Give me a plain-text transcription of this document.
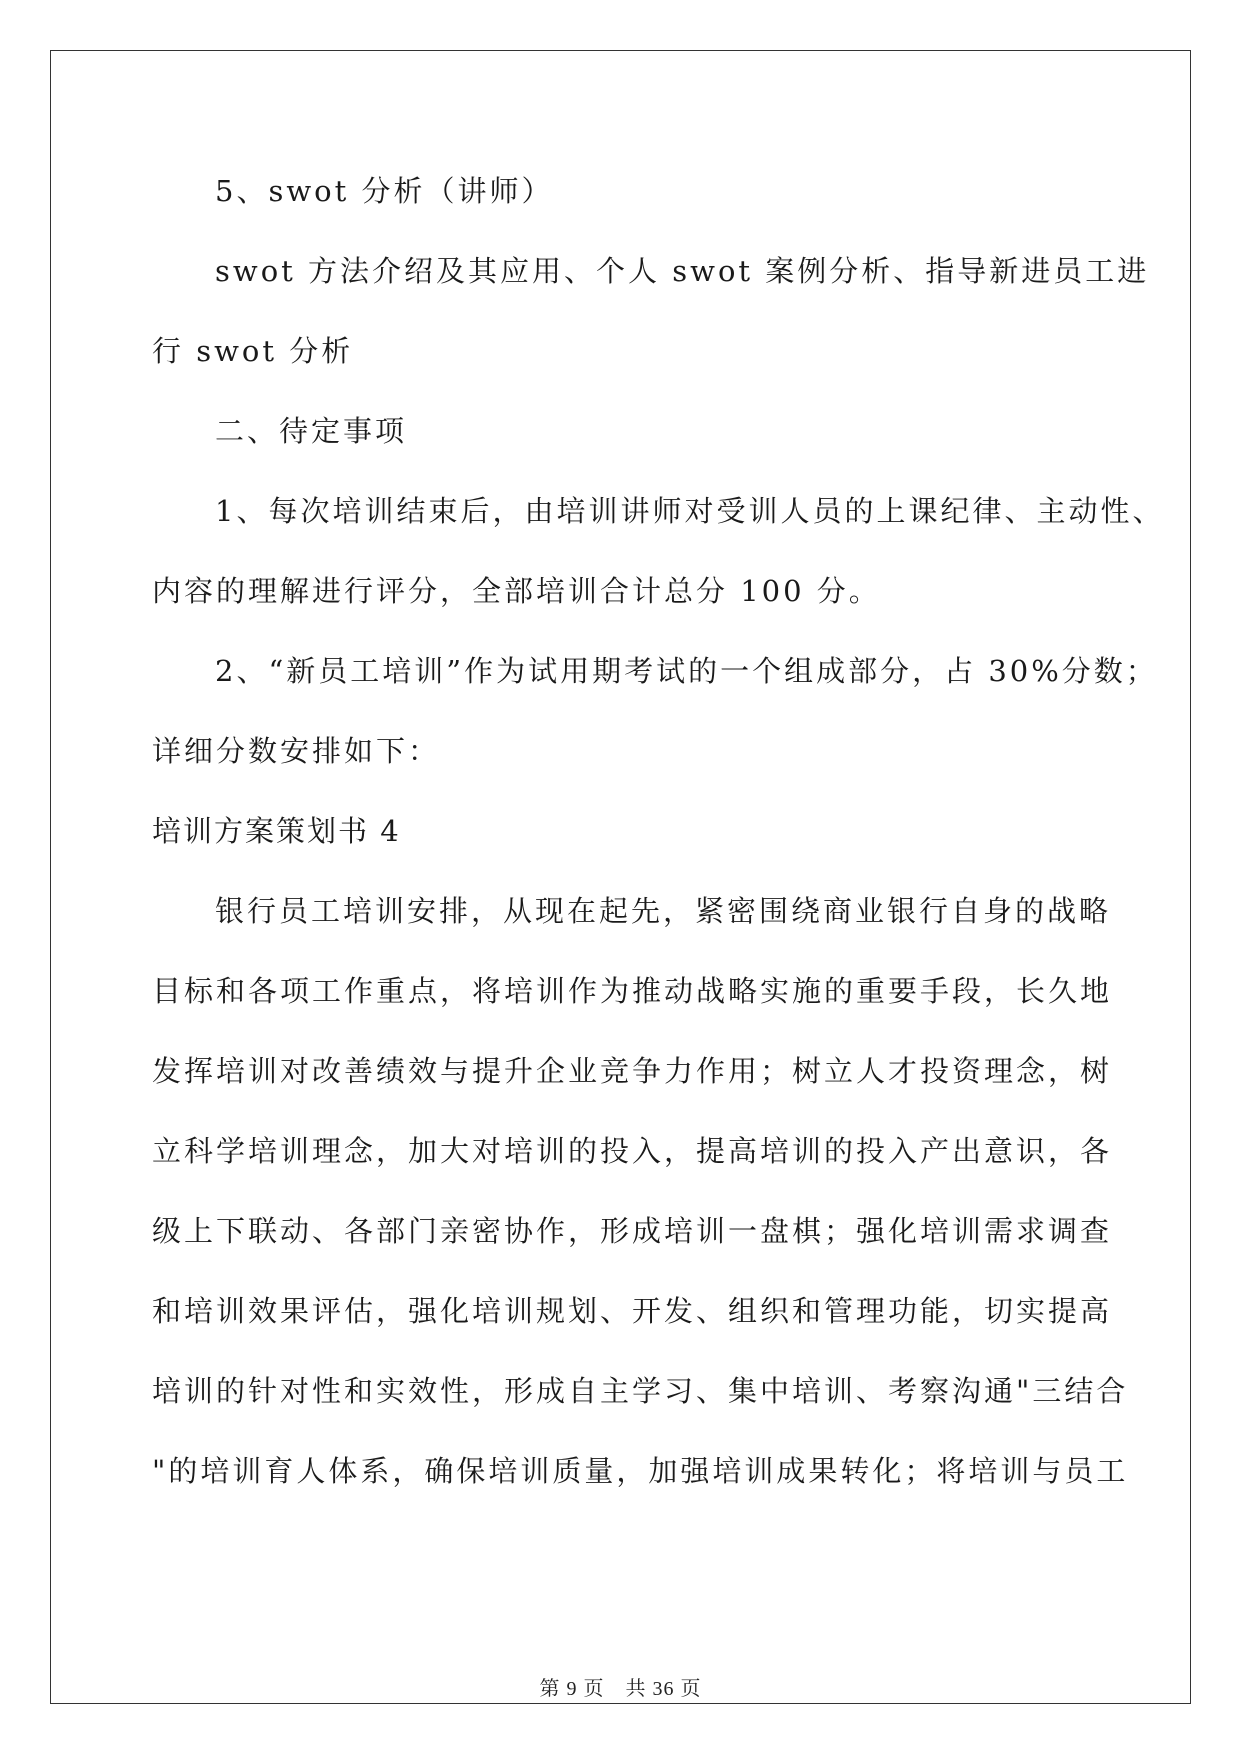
5、swot 分析（讲师）
swot 方法介绍及其应用、个人 swot 案例分析、指导新进员工进
行 swot 分析
二、待定事项
1、每次培训结束后，由培训讲师对受训人员的上课纪律、主动性、
内容的理解进行评分，全部培训合计总分 100 分。
2、“新员工培训”作为试用期考试的一个组成部分，占 30%分数；
详细分数安排如下：
培训方案策划书 4
银行员工培训安排，从现在起先，紧密围绕商业银行自身的战略
目标和各项工作重点，将培训作为推动战略实施的重要手段，长久地
发挥培训对改善绩效与提升企业竞争力作用；树立人才投资理念，树
立科学培训理念，加大对培训的投入，提高培训的投入产出意识，各
级上下联动、各部门亲密协作，形成培训一盘棋；强化培训需求调查
和培训效果评估，强化培训规划、开发、组织和管理功能，切实提高
培训的针对性和实效性，形成自主学习、集中培训、考察沟通"三结合
"的培训育人体系，确保培训质量，加强培训成果转化；将培训与员工
第 9 页　共 36 页
